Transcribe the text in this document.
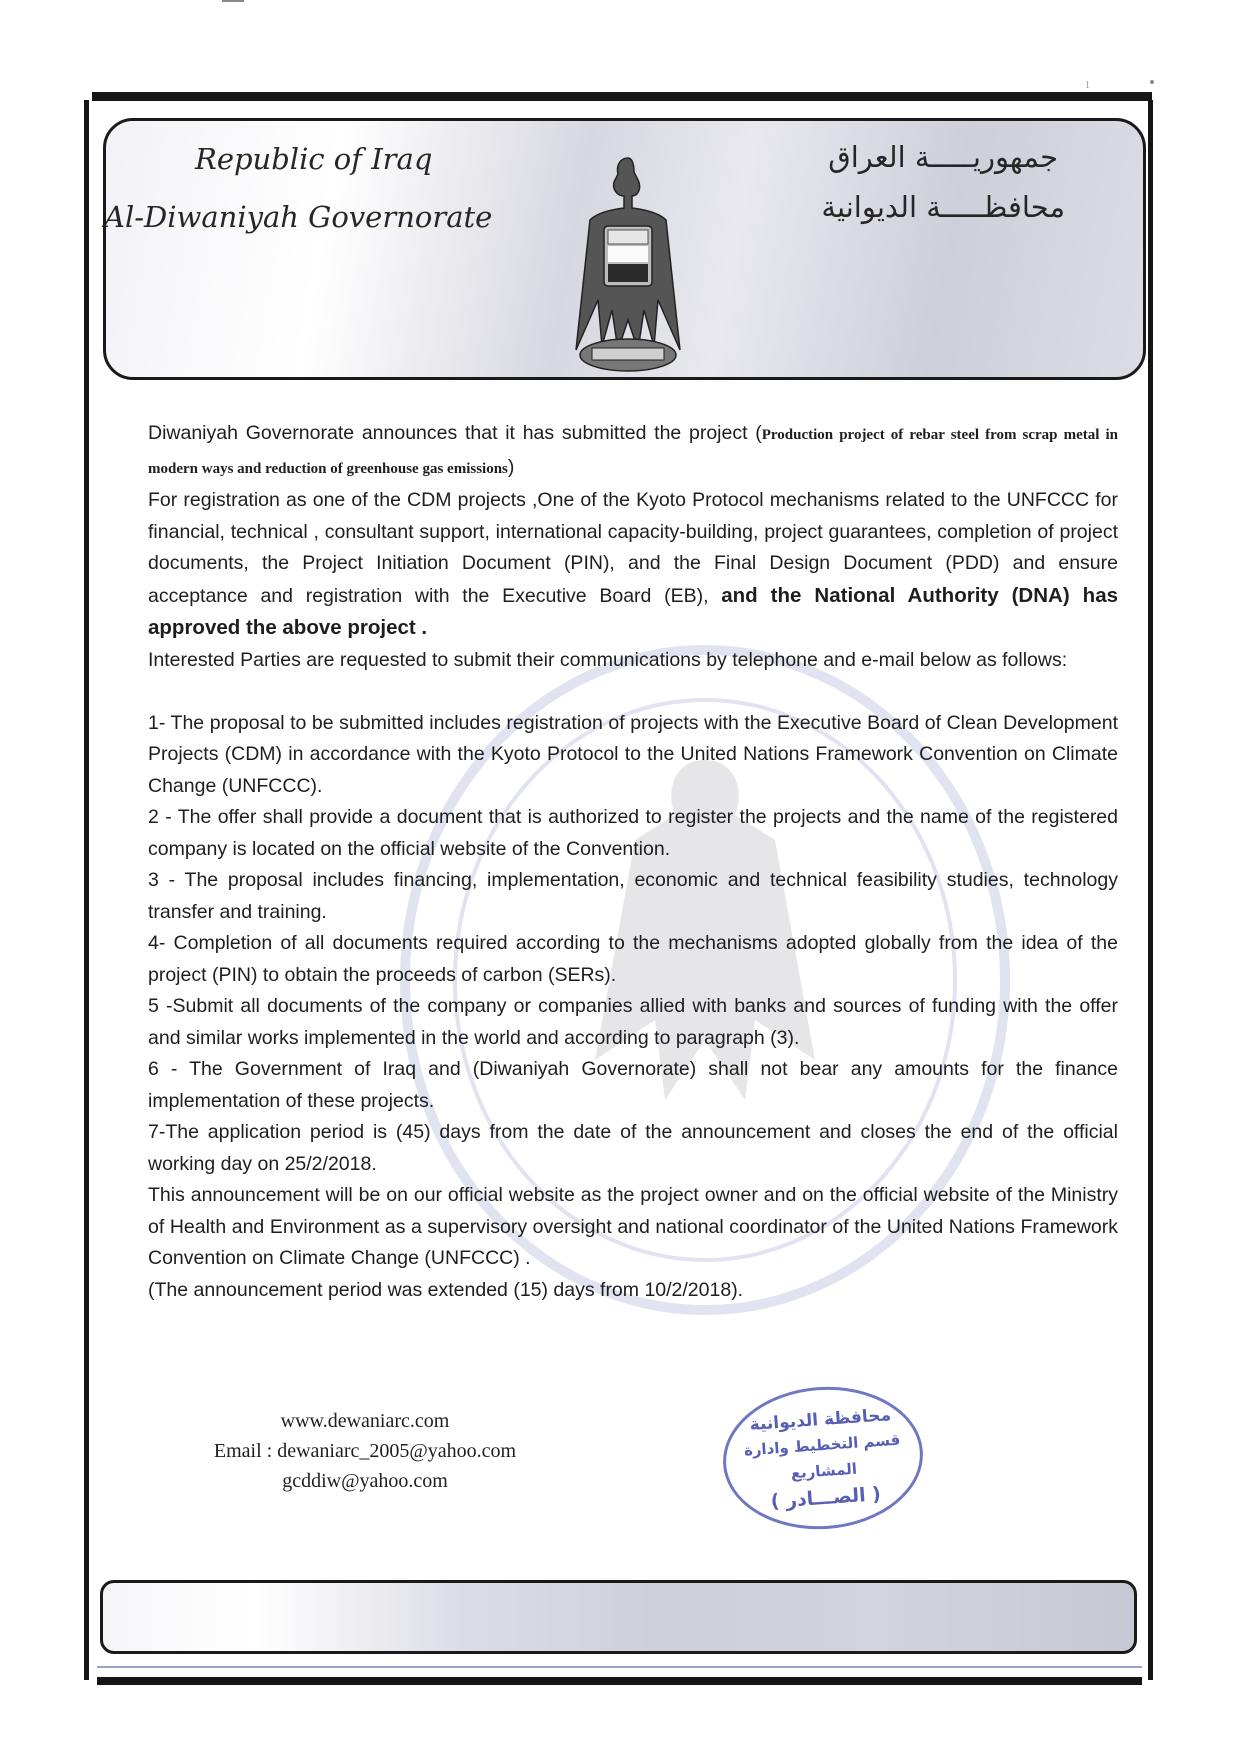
1
Republic of Iraq
Al-Diwaniyah Governorate
جمهوريـــــة العراق
محافظـــــة الديوانية

Diwaniyah Governorate announces that it has submitted the project (Production project of rebar steel from scrap metal in modern ways and reduction of greenhouse gas emissions)

For registration as one of the CDM projects ,One of the Kyoto Protocol mechanisms related to the UNFCCC for financial, technical , consultant support, international capacity-building, project guarantees, completion of project documents, the Project Initiation Document (PIN), and the Final Design Document (PDD) and ensure acceptance and registration with the Executive Board (EB), and the National Authority (DNA) has approved the above project .

Interested Parties are requested to submit their communications by telephone and e-mail below as follows:

1- The proposal to be submitted includes registration of projects with the Executive Board of Clean Development Projects (CDM) in accordance with the Kyoto Protocol to the United Nations Framework Convention on Climate Change (UNFCCC).

2 - The offer shall provide a document that is authorized to register the projects and the name of the registered company is located on the official website of the Convention.

3 - The proposal includes financing, implementation, economic and technical feasibility studies, technology transfer and training.

4- Completion of all documents required according to the mechanisms adopted globally from the idea of the project (PIN) to obtain the proceeds of carbon (SERs).

5 -Submit all documents of the company or companies allied with banks and sources of funding with the offer and similar works implemented in the world and according to paragraph (3).

6 - The Government of Iraq and (Diwaniyah Governorate) shall not bear any amounts for the finance implementation of these projects.

7-The application period is (45) days from the date of the announcement and closes the end of the official working day on 25/2/2018.

This announcement will be on our official website as the project owner and on the official website of the Ministry of Health and Environment as a supervisory oversight and national coordinator of the United Nations Framework Convention on Climate Change (UNFCCC) .

(The announcement period was extended (15) days from 10/2/2018).

www.dewaniarc.com
Email : dewaniarc_2005@yahoo.com
gcddiw@yahoo.com
محافظة الديوانية
قسم التخطيط وادارة المشاريع
( الصـــادر )
